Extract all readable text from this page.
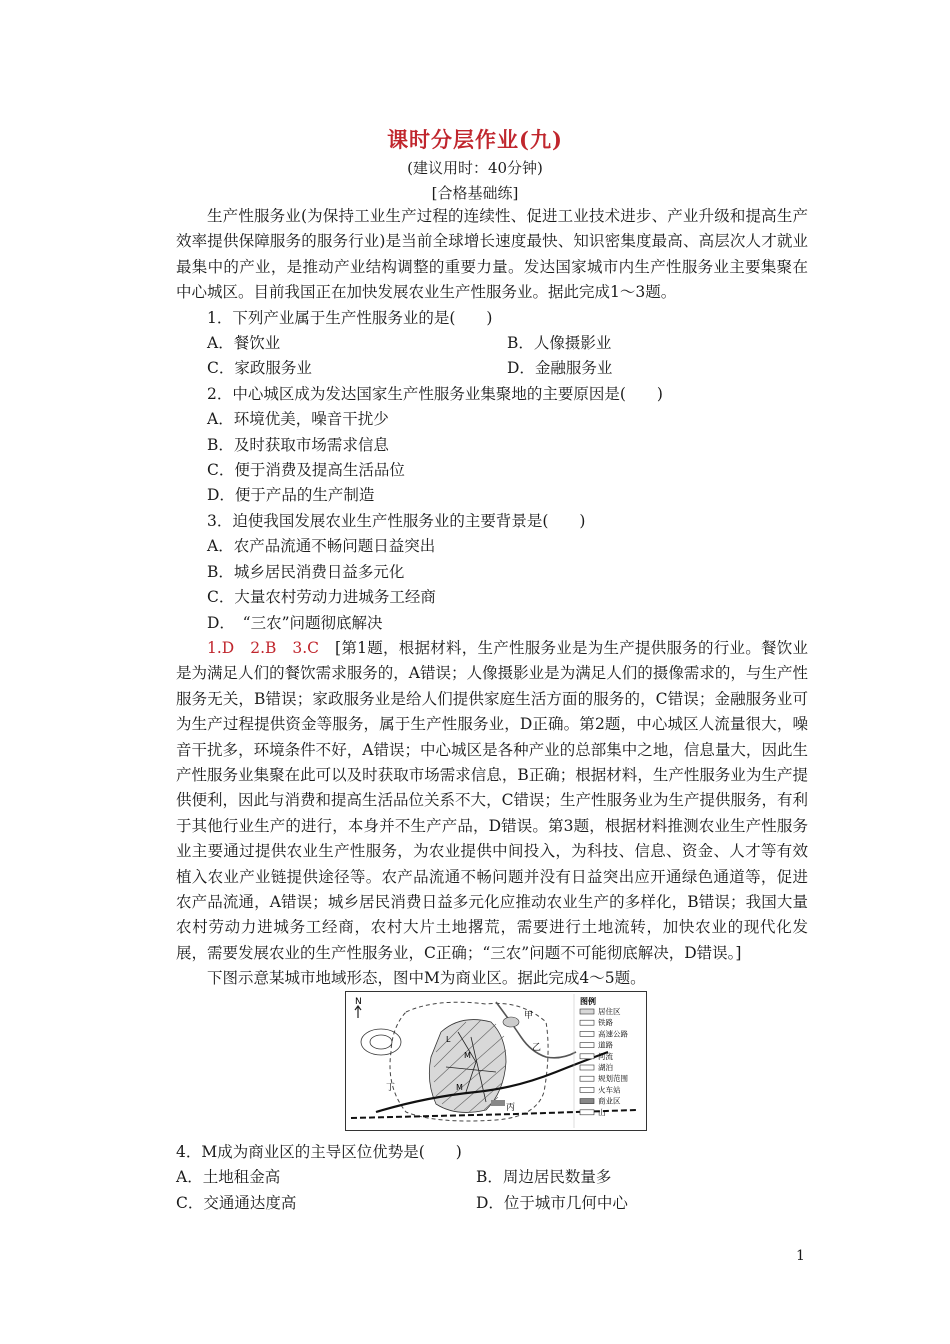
课时分层作业(九)
(建议用时：40分钟)
[合格基础练]

生产性服务业(为保持工业生产过程的连续性、促进工业技术进步、产业升级和提高生产效率提供保障服务的服务行业)是当前全球增长速度最快、知识密集度最高、高层次人才就业最集中的产业，是推动产业结构调整的重要力量。发达国家城市内生产性服务业主要集聚在中心城区。目前我国正在加快发展农业生产性服务业。据此完成1～3题。

1．下列产业属于生产性服务业的是(　　)

A．餐饮业	B．人像摄影业
C．家政服务业	D．金融服务业

2．中心城区成为发达国家生产性服务业集聚地的主要原因是(　　)

A．环境优美，噪音干扰少

B．及时获取市场需求信息

C．便于消费及提高生活品位

D．便于产品的生产制造

3．迫使我国发展农业生产性服务业的主要背景是(　　)

A．农产品流通不畅问题日益突出

B．城乡居民消费日益多元化

C．大量农村劳动力进城务工经商

D．　“三农”问题彻底解决

1.D　2.B　3.C　[第1题，根据材料，生产性服务业是为生产提供服务的行业。餐饮业是为满足人们的餐饮需求服务的，A错误；人像摄影业是为满足人们的摄像需求的，与生产性服务无关，B错误；家政服务业是给人们提供家庭生活方面的服务的，C错误；金融服务业可为生产过程提供资金等服务，属于生产性服务业，D正确。第2题，中心城区人流量很大，噪音干扰多，环境条件不好，A错误；中心城区是各种产业的总部集中之地，信息量大，因此生产性服务业集聚在此可以及时获取市场需求信息，B正确；根据材料，生产性服务业为生产提供便利，因此与消费和提高生活品位关系不大，C错误；生产性服务业为生产提供服务，有利于其他行业生产的进行，本身并不生产产品，D错误。第3题，根据材料推测农业生产性服务业主要通过提供农业生产性服务，为农业提供中间投入，为科技、信息、资金、人才等有效植入农业产业链提供途径等。农产品流通不畅问题并没有日益突出应开通绿色通道等，促进农产品流通，A错误；城乡居民消费日益多元化应推动农业生产的多样化，B错误；我国大量农村劳动力进城务工经商，农村大片土地撂荒，需要进行土地流转，加快农业的现代化发展，需要发展农业的生产性服务业，C正确；“三农”问题不可能彻底解决，D错误。]

下图示意某城市地域形态，图中M为商业区。据此完成4～5题。

N
M
M
L
甲
乙
丙
丁
图例
居住区
铁路
高速公路
道路
河流
湖泊
规划范围
火车站
商业区
山

4．M成为商业区的主导区位优势是(　　)

A．土地租金高	B．周边居民数量多
C．交通通达度高	D．位于城市几何中心
1
